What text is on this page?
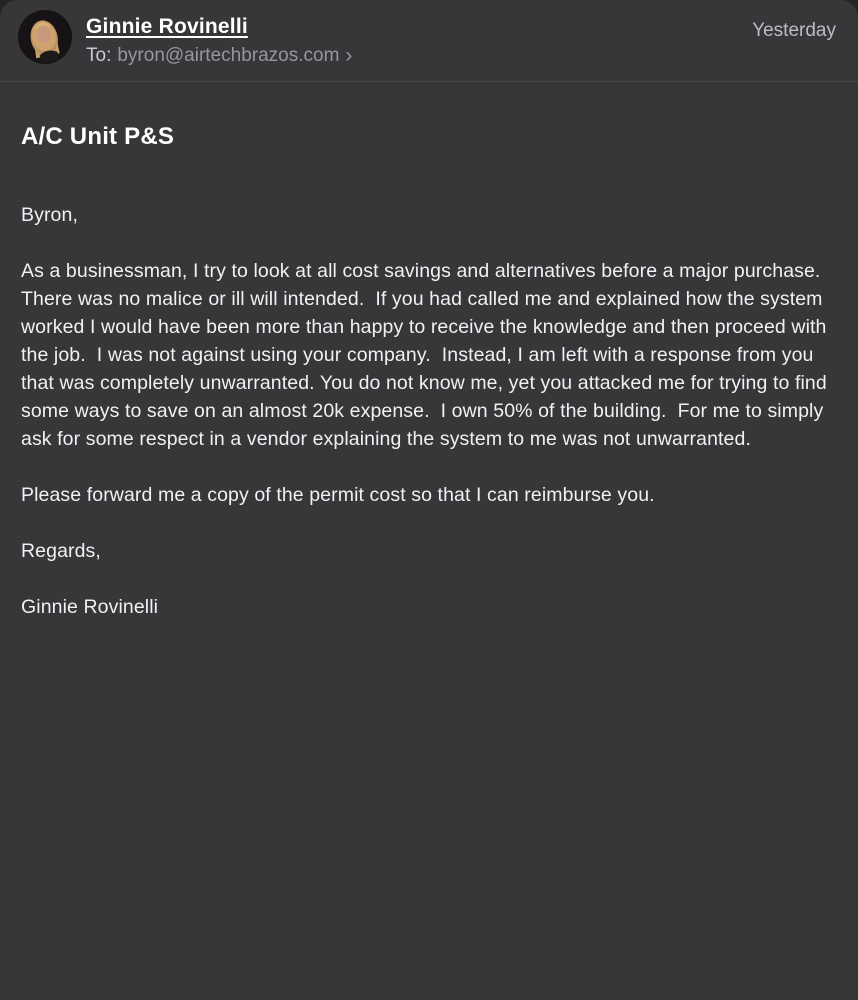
Ginnie Rovinelli
To: byron@airtechbrazos.com ›
Yesterday
A/C Unit P&S

Byron,

As a businessman, I try to look at all cost savings and alternatives before a major purchase.  There was no malice or ill will intended.  If you had called me and explained how the system worked I would have been more than happy to receive the knowledge and then proceed with the job.  I was not against using your company.  Instead, I am left with a response from you that was completely unwarranted. You do not know me, yet you attacked me for trying to find some ways to save on an almost 20k expense.  I own 50% of the building.  For me to simply ask for some respect in a vendor explaining the system to me was not unwarranted.

Please forward me a copy of the permit cost so that I can reimburse you.

Regards,

Ginnie Rovinelli
